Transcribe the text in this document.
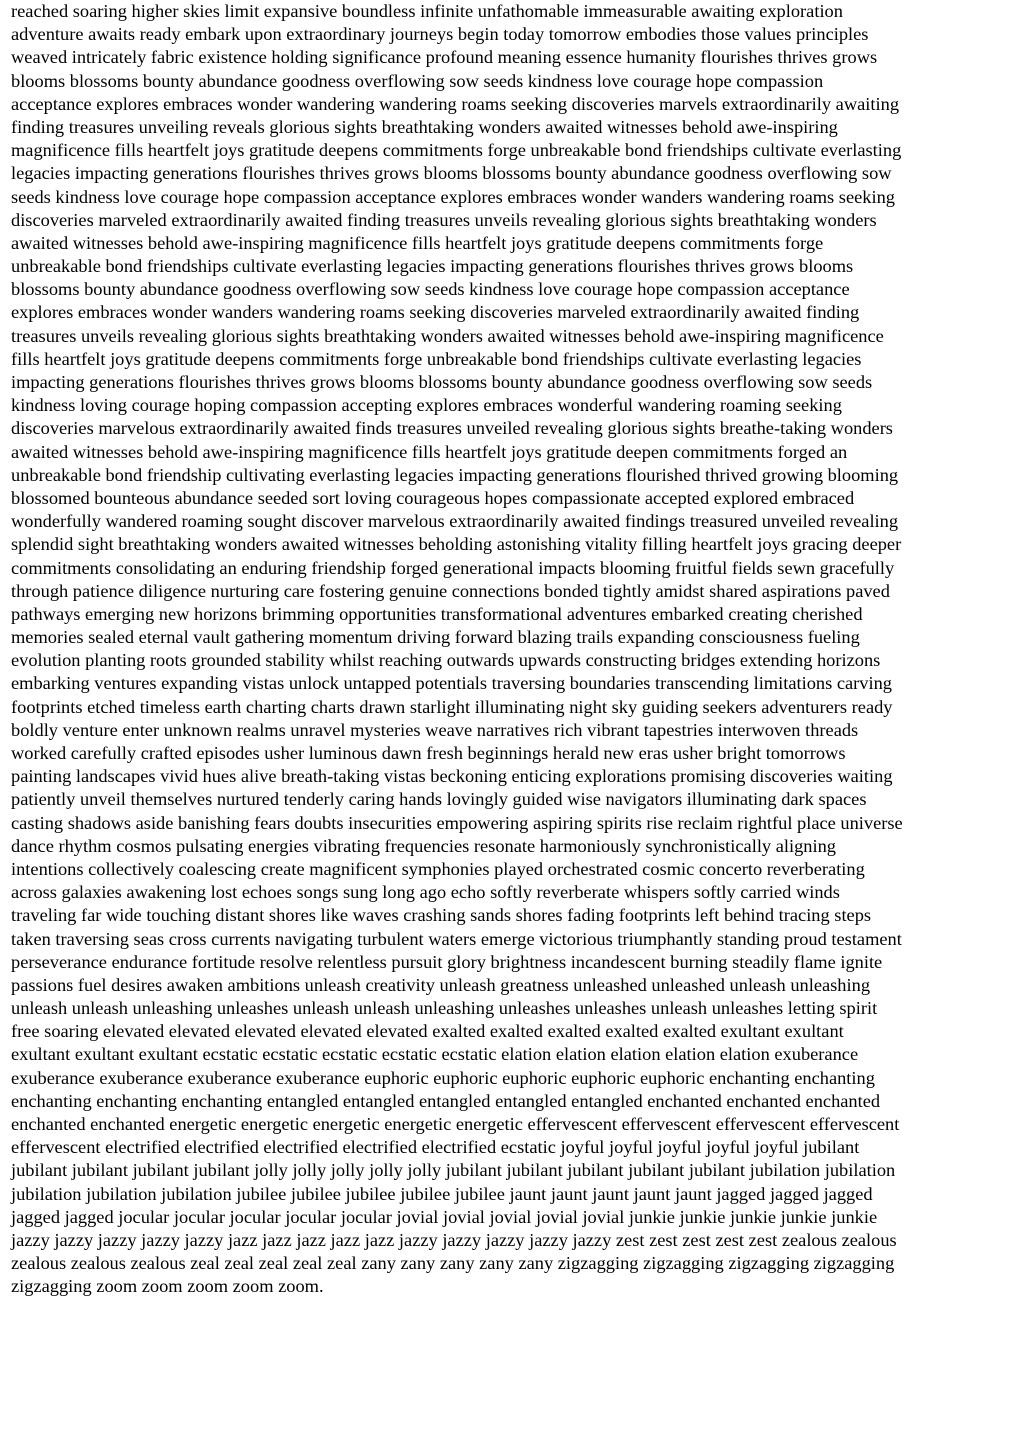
reached soaring higher skies limit expansive boundless infinite unfathomable immeasurable awaiting exploration
adventure awaits ready embark upon extraordinary journeys begin today tomorrow embodies those values principles
weaved intricately fabric existence holding significance profound meaning essence humanity flourishes thrives grows
blooms blossoms bounty abundance goodness overflowing sow seeds kindness love courage hope compassion
acceptance explores embraces wonder wandering wandering roams seeking discoveries marvels extraordinarily awaiting
finding treasures unveiling reveals glorious sights breathtaking wonders awaited witnesses behold awe-inspiring
magnificence fills heartfelt joys gratitude deepens commitments forge unbreakable bond friendships cultivate everlasting
legacies impacting generations flourishes thrives grows blooms blossoms bounty abundance goodness overflowing sow
seeds kindness love courage hope compassion acceptance explores embraces wonder wanders wandering roams seeking
discoveries marveled extraordinarily awaited finding treasures unveils revealing glorious sights breathtaking wonders
awaited witnesses behold awe-inspiring magnificence fills heartfelt joys gratitude deepens commitments forge
unbreakable bond friendships cultivate everlasting legacies impacting generations flourishes thrives grows blooms
blossoms bounty abundance goodness overflowing sow seeds kindness love courage hope compassion acceptance
explores embraces wonder wanders wandering roams seeking discoveries marveled extraordinarily awaited finding
treasures unveils revealing glorious sights breathtaking wonders awaited witnesses behold awe-inspiring magnificence
fills heartfelt joys gratitude deepens commitments forge unbreakable bond friendships cultivate everlasting legacies
impacting generations flourishes thrives grows blooms blossoms bounty abundance goodness overflowing sow seeds
kindness loving courage hoping compassion accepting explores embraces wonderful wandering roaming seeking
discoveries marvelous extraordinarily awaited finds treasures unveiled revealing glorious sights breathe-taking wonders
awaited witnesses behold awe-inspiring magnificence fills heartfelt joys gratitude deepen commitments forged an
unbreakable bond friendship cultivating everlasting legacies impacting generations flourished thrived growing blooming
blossomed bounteous abundance seeded sort loving courageous hopes compassionate accepted explored embraced
wonderfully wandered roaming sought discover marvelous extraordinarily awaited findings treasured unveiled revealing
splendid sight breathtaking wonders awaited witnesses beholding astonishing vitality filling heartfelt joys gracing deeper
commitments consolidating an enduring friendship forged generational impacts blooming fruitful fields sewn gracefully
through patience diligence nurturing care fostering genuine connections bonded tightly amidst shared aspirations paved
pathways emerging new horizons brimming opportunities transformational adventures embarked creating cherished
memories sealed eternal vault gathering momentum driving forward blazing trails expanding consciousness fueling
evolution planting roots grounded stability whilst reaching outwards upwards constructing bridges extending horizons
embarking ventures expanding vistas unlock untapped potentials traversing boundaries transcending limitations carving
footprints etched timeless earth charting charts drawn starlight illuminating night sky guiding seekers adventurers ready
boldly venture enter unknown realms unravel mysteries weave narratives rich vibrant tapestries interwoven threads
worked carefully crafted episodes usher luminous dawn fresh beginnings herald new eras usher bright tomorrows
painting landscapes vivid hues alive breath-taking vistas beckoning enticing explorations promising discoveries waiting
patiently unveil themselves nurtured tenderly caring hands lovingly guided wise navigators illuminating dark spaces
casting shadows aside banishing fears doubts insecurities empowering aspiring spirits rise reclaim rightful place universe
dance rhythm cosmos pulsating energies vibrating frequencies resonate harmoniously synchronistically aligning
intentions collectively coalescing create magnificent symphonies played orchestrated cosmic concerto reverberating
across galaxies awakening lost echoes songs sung long ago echo softly reverberate whispers softly carried winds
traveling far wide touching distant shores like waves crashing sands shores fading footprints left behind tracing steps
taken traversing seas cross currents navigating turbulent waters emerge victorious triumphantly standing proud testament
perseverance endurance fortitude resolve relentless pursuit glory brightness incandescent burning steadily flame ignite
passions fuel desires awaken ambitions unleash creativity unleash greatness unleashed unleashed unleash unleashing
unleash unleash unleashing unleashes unleash unleash unleashing unleashes unleashes unleash unleashes letting spirit
free soaring elevated elevated elevated elevated elevated exalted exalted exalted exalted exalted exultant exultant
exultant exultant exultant ecstatic ecstatic ecstatic ecstatic ecstatic elation elation elation elation elation exuberance
exuberance exuberance exuberance exuberance euphoric euphoric euphoric euphoric euphoric enchanting enchanting
enchanting enchanting enchanting entangled entangled entangled entangled entangled enchanted enchanted enchanted
enchanted enchanted energetic energetic energetic energetic energetic effervescent effervescent effervescent effervescent
effervescent electrified electrified electrified electrified electrified ecstatic joyful joyful joyful joyful joyful jubilant
jubilant jubilant jubilant jubilant jolly jolly jolly jolly jolly jubilant jubilant jubilant jubilant jubilant jubilation jubilation
jubilation jubilation jubilation jubilee jubilee jubilee jubilee jubilee jaunt jaunt jaunt jaunt jaunt jagged jagged jagged
jagged jagged jocular jocular jocular jocular jocular jovial jovial jovial jovial jovial junkie junkie junkie junkie junkie
jazzy jazzy jazzy jazzy jazzy jazz jazz jazz jazz jazz jazzy jazzy jazzy jazzy jazzy zest zest zest zest zest zealous zealous
zealous zealous zealous zeal zeal zeal zeal zeal zany zany zany zany zany zigzagging zigzagging zigzagging zigzagging
zigzagging zoom zoom zoom zoom zoom.
